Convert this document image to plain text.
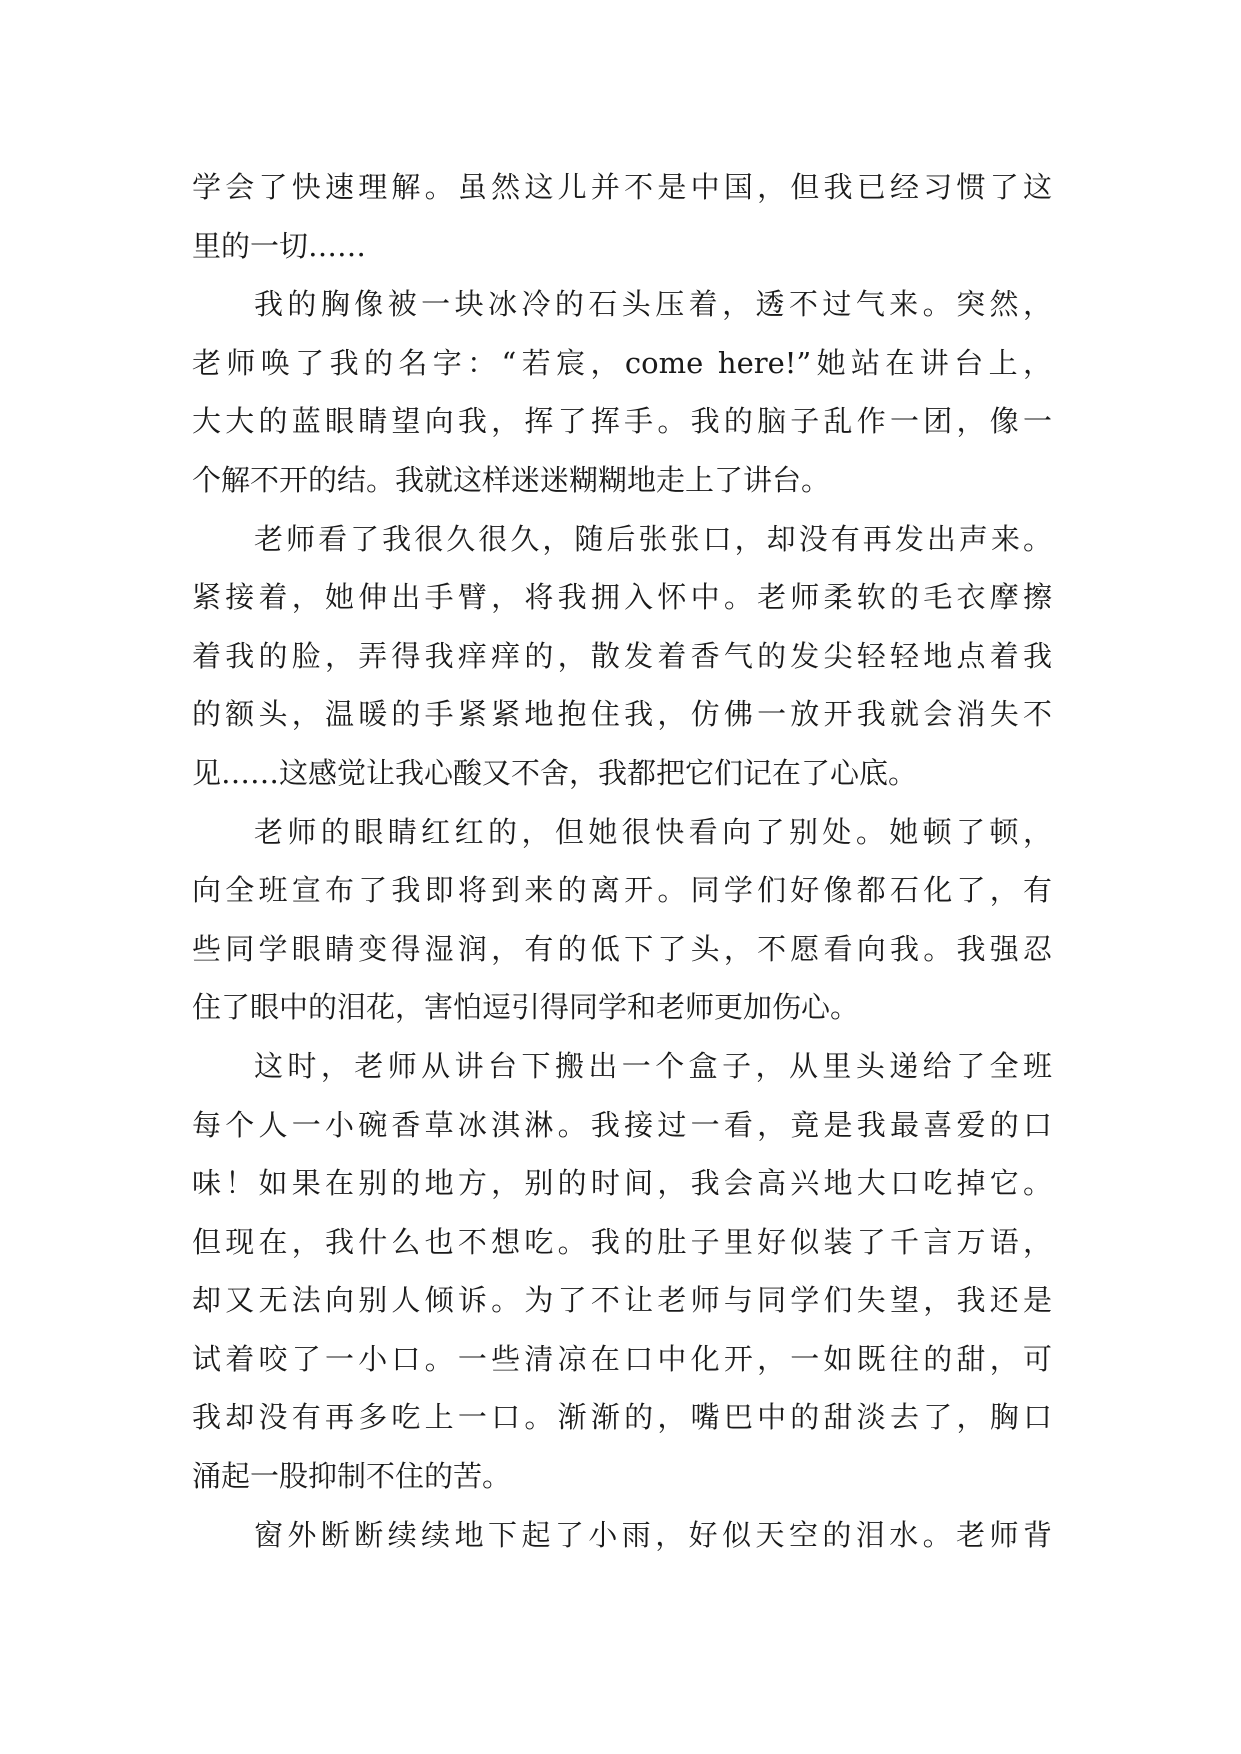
学会了快速理解。虽然这儿并不是中国，但我已经习惯了这
里的一切……
我的胸像被一块冰冷的石头压着，透不过气来。突然，
老师唤了我的名字：“若宸，come here!”她站在讲台上，
大大的蓝眼睛望向我，挥了挥手。我的脑子乱作一团，像一
个解不开的结。我就这样迷迷糊糊地走上了讲台。
老师看了我很久很久，随后张张口，却没有再发出声来。
紧接着，她伸出手臂，将我拥入怀中。老师柔软的毛衣摩擦
着我的脸，弄得我痒痒的，散发着香气的发尖轻轻地点着我
的额头，温暖的手紧紧地抱住我，仿佛一放开我就会消失不
见……这感觉让我心酸又不舍，我都把它们记在了心底。
老师的眼睛红红的，但她很快看向了别处。她顿了顿，
向全班宣布了我即将到来的离开。同学们好像都石化了，有
些同学眼睛变得湿润，有的低下了头，不愿看向我。我强忍
住了眼中的泪花，害怕逗引得同学和老师更加伤心。
这时，老师从讲台下搬出一个盒子，从里头递给了全班
每个人一小碗香草冰淇淋。我接过一看，竟是我最喜爱的口
味！如果在别的地方，别的时间，我会高兴地大口吃掉它。
但现在，我什么也不想吃。我的肚子里好似装了千言万语，
却又无法向别人倾诉。为了不让老师与同学们失望，我还是
试着咬了一小口。一些清凉在口中化开，一如既往的甜，可
我却没有再多吃上一口。渐渐的，嘴巴中的甜淡去了，胸口
涌起一股抑制不住的苦。
窗外断断续续地下起了小雨，好似天空的泪水。老师背
